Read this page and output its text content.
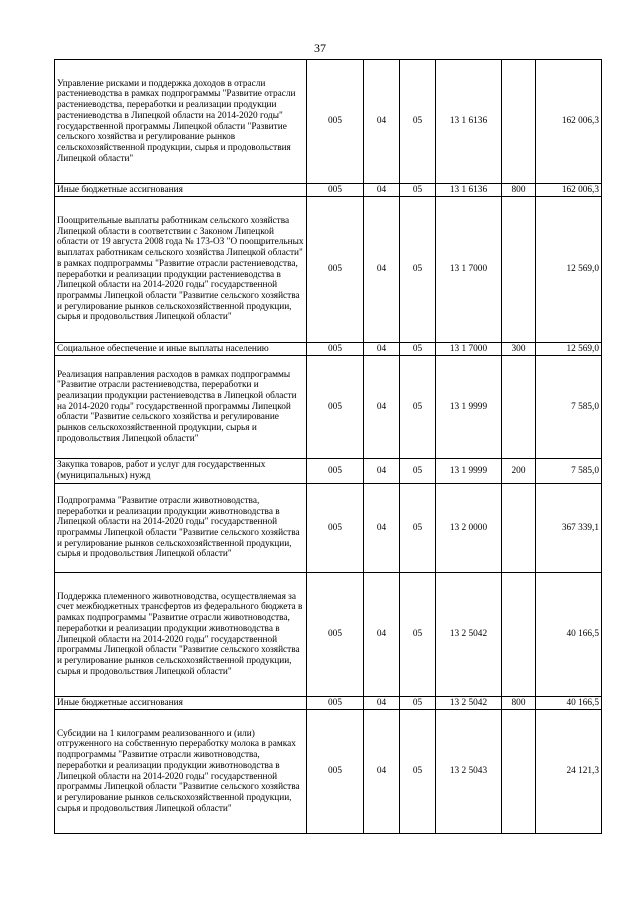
37
Управление рисками и поддержка доходов в отрасли растениеводства в рамках подпрограммы "Развитие отрасли растениеводства, переработки и реализации продукции растениеводства в Липецкой области на 2014-2020 годы" государственной программы Липецкой области "Развитие сельского хозяйства и регулирование рынков сельскохозяйственной продукции, сырья и продовольствия Липецкой области"	005	04	05	13 1 6136		162 006,3
Иные бюджетные ассигнования	005	04	05	13 1 6136	800	162 006,3
Поощрительные выплаты работникам сельского хозяйства Липецкой области в соответствии с Законом Липецкой области от 19 августа 2008 года № 173-ОЗ "О поощрительных выплатах работникам сельского хозяйства Липецкой области" в рамках подпрограммы "Развитие отрасли растениеводства, переработки и реализации продукции растениеводства в Липецкой области на 2014-2020 годы" государственной программы Липецкой области "Развитие сельского хозяйства и регулирование рынков сельскохозяйственной продукции, сырья и продовольствия Липецкой области"	005	04	05	13 1 7000		12 569,0
Социальное обеспечение и иные выплаты населению	005	04	05	13 1 7000	300	12 569,0
Реализация направления расходов в рамках подпрограммы "Развитие отрасли растениеводства, переработки и реализации продукции растениеводства в Липецкой области на 2014-2020 годы" государственной программы Липецкой области "Развитие сельского хозяйства и регулирование рынков сельскохозяйственной продукции, сырья и продовольствия Липецкой области"	005	04	05	13 1 9999		7 585,0
Закупка товаров, работ и услуг для государственных (муниципальных) нужд	005	04	05	13 1 9999	200	7 585,0
Подпрограмма "Развитие отрасли животноводства, переработки и реализации продукции животноводства в Липецкой области на 2014-2020 годы" государственной программы Липецкой области "Развитие сельского хозяйства и регулирование рынков сельскохозяйственной продукции, сырья и продовольствия Липецкой области"	005	04	05	13 2 0000		367 339,1
Поддержка племенного животноводства, осуществляемая за счет межбюджетных трансфертов из федерального бюджета в рамках подпрограммы "Развитие отрасли животноводства, переработки и реализации продукции животноводства в Липецкой области на 2014-2020 годы" государственной программы Липецкой области "Развитие сельского хозяйства и регулирование рынков сельскохозяйственной продукции, сырья и продовольствия Липецкой области"	005	04	05	13 2 5042		40 166,5
Иные бюджетные ассигнования	005	04	05	13 2 5042	800	40 166,5
Субсидии на 1 килограмм реализованного и (или) отгруженного на собственную переработку молока в рамках подпрограммы "Развитие отрасли животноводства, переработки и реализации продукции животноводства в Липецкой области на 2014-2020 годы" государственной программы Липецкой области "Развитие сельского хозяйства и регулирование рынков сельскохозяйственной продукции, сырья и продовольствия Липецкой области"	005	04	05	13 2 5043		24 121,3
